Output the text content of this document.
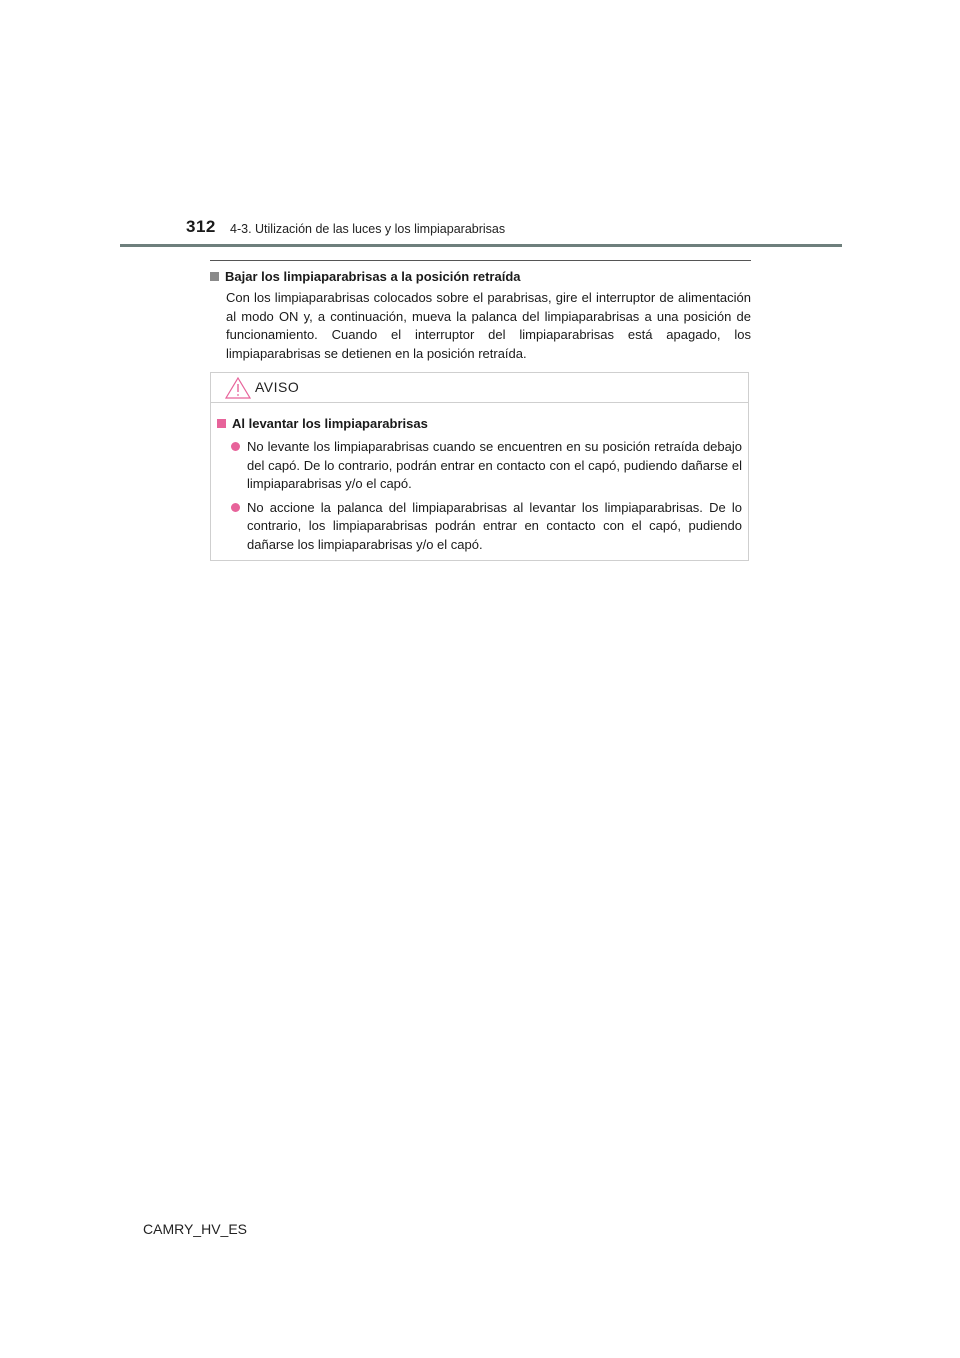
312 4-3. Utilización de las luces y los limpiaparabrisas
Bajar los limpiaparabrisas a la posición retraída
Con los limpiaparabrisas colocados sobre el parabrisas, gire el interruptor de alimentación al modo ON y, a continuación, mueva la palanca del limpiaparabrisas a una posición de funcionamiento. Cuando el interruptor del limpiaparabrisas está apagado, los limpiaparabrisas se detienen en la posición retraída.
AVISO
Al levantar los limpiaparabrisas
No levante los limpiaparabrisas cuando se encuentren en su posición retraída debajo del capó. De lo contrario, podrán entrar en contacto con el capó, pudiendo dañarse el limpiaparabrisas y/o el capó.
No accione la palanca del limpiaparabrisas al levantar los limpiaparabrisas. De lo contrario, los limpiaparabrisas podrán entrar en contacto con el capó, pudiendo dañarse los limpiaparabrisas y/o el capó.
CAMRY_HV_ES
